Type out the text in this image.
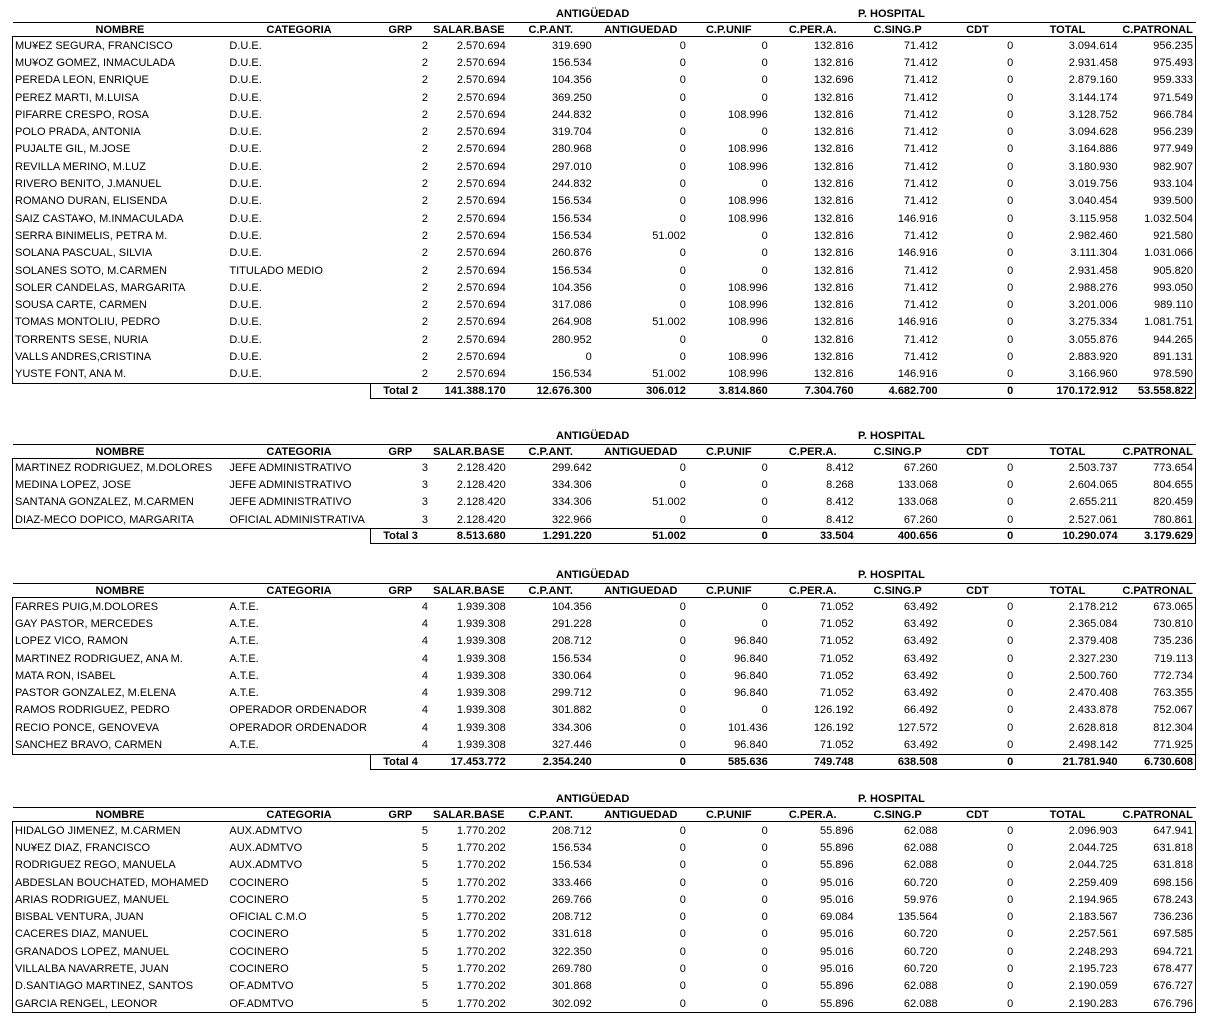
ANTIGÜEDAD	P. HOSPITAL
NOMBRE	CATEGORIA	GRP	SALAR.BASE	C.P.ANT.	ANTIGUEDAD	C.P.UNIF	C.PER.A.	C.SING.P	CDT	TOTAL	C.PATRONAL
MU¥EZ SEGURA, FRANCISCO	D.U.E.	2	2.570.694	319.690	0	0	132.816	71.412	0	3.094.614	956.235
MU¥OZ GOMEZ, INMACULADA	D.U.E.	2	2.570.694	156.534	0	0	132.816	71.412	0	2.931.458	975.493
PEREDA LEON, ENRIQUE	D.U.E.	2	2.570.694	104.356	0	0	132.696	71.412	0	2.879.160	959.333
PEREZ MARTI, M.LUISA	D.U.E.	2	2.570.694	369.250	0	0	132.816	71.412	0	3.144.174	971.549
PIFARRE CRESPO, ROSA	D.U.E.	2	2.570.694	244.832	0	108.996	132.816	71.412	0	3.128.752	966.784
POLO PRADA, ANTONIA	D.U.E.	2	2.570.694	319.704	0	0	132.816	71.412	0	3.094.628	956.239
PUJALTE GIL, M.JOSE	D.U.E.	2	2.570.694	280.968	0	108.996	132.816	71.412	0	3.164.886	977.949
REVILLA MERINO, M.LUZ	D.U.E.	2	2.570.694	297.010	0	108.996	132.816	71.412	0	3.180.930	982.907
RIVERO BENITO, J.MANUEL	D.U.E.	2	2.570.694	244.832	0	0	132.816	71.412	0	3.019.756	933.104
ROMANO DURAN, ELISENDA	D.U.E.	2	2.570.694	156.534	0	108.996	132.816	71.412	0	3.040.454	939.500
SAIZ CASTA¥O, M.INMACULADA	D.U.E.	2	2.570.694	156.534	0	108.996	132.816	146.916	0	3.115.958	1.032.504
SERRA BINIMELIS, PETRA M.	D.U.E.	2	2.570.694	156.534	51.002	0	132.816	71.412	0	2.982.460	921.580
SOLANA PASCUAL, SILVIA	D.U.E.	2	2.570.694	260.876	0	0	132.816	146.916	0	3.111.304	1.031.066
SOLANES SOTO, M.CARMEN	TITULADO MEDIO	2	2.570.694	156.534	0	0	132.816	71.412	0	2.931.458	905.820
SOLER CANDELAS, MARGARITA	D.U.E.	2	2.570.694	104.356	0	108.996	132.816	71.412	0	2.988.276	993.050
SOUSA CARTE, CARMEN	D.U.E.	2	2.570.694	317.086	0	108.996	132.816	71.412	0	3.201.006	989.110
TOMAS MONTOLIU, PEDRO	D.U.E.	2	2.570.694	264.908	51.002	108.996	132.816	146.916	0	3.275.334	1.081.751
TORRENTS SESE, NURIA	D.U.E.	2	2.570.694	280.952	0	0	132.816	71.412	0	3.055.876	944.265
VALLS ANDRES,CRISTINA	D.U.E.	2	2.570.694	0	0	108.996	132.816	71.412	0	2.883.920	891.131
YUSTE FONT, ANA M.	D.U.E.	2	2.570.694	156.534	51.002	108.996	132.816	146.916	0	3.166.960	978.590
		Total 2	141.388.170	12.676.300	306.012	3.814.860	7.304.760	4.682.700	0	170.172.912	53.558.822
ANTIGÜEDAD	P. HOSPITAL
NOMBRE	CATEGORIA	GRP	SALAR.BASE	C.P.ANT.	ANTIGUEDAD	C.P.UNIF	C.PER.A.	C.SING.P	CDT	TOTAL	C.PATRONAL
MARTINEZ RODRIGUEZ, M.DOLORES	JEFE ADMINISTRATIVO	3	2.128.420	299.642	0	0	8.412	67.260	0	2.503.737	773.654
MEDINA LOPEZ, JOSE	JEFE ADMINISTRATIVO	3	2.128.420	334.306	0	0	8.268	133.068	0	2.604.065	804.655
SANTANA GONZALEZ, M.CARMEN	JEFE ADMINISTRATIVO	3	2.128.420	334.306	51.002	0	8.412	133.068	0	2.655.211	820.459
DIAZ-MECO DOPICO, MARGARITA	OFICIAL ADMINISTRATIVA	3	2.128.420	322.966	0	0	8.412	67.260	0	2.527.061	780.861
		Total 3	8.513.680	1.291.220	51.002	0	33.504	400.656	0	10.290.074	3.179.629
ANTIGÜEDAD	P. HOSPITAL
NOMBRE	CATEGORIA	GRP	SALAR.BASE	C.P.ANT.	ANTIGUEDAD	C.P.UNIF	C.PER.A.	C.SING.P	CDT	TOTAL	C.PATRONAL
FARRES PUIG,M.DOLORES	A.T.E.	4	1.939.308	104.356	0	0	71.052	63.492	0	2.178.212	673.065
GAY PASTOR, MERCEDES	A.T.E.	4	1.939.308	291.228	0	0	71.052	63.492	0	2.365.084	730.810
LOPEZ VICO, RAMON	A.T.E.	4	1.939.308	208.712	0	96.840	71.052	63.492	0	2.379.408	735.236
MARTINEZ RODRIGUEZ, ANA M.	A.T.E.	4	1.939.308	156.534	0	96.840	71.052	63.492	0	2.327.230	719.113
MATA RON, ISABEL	A.T.E.	4	1.939.308	330.064	0	96.840	71.052	63.492	0	2.500.760	772.734
PASTOR GONZALEZ, M.ELENA	A.T.E.	4	1.939.308	299.712	0	96.840	71.052	63.492	0	2.470.408	763.355
RAMOS RODRIGUEZ, PEDRO	OPERADOR ORDENADOR	4	1.939.308	301.882	0	0	126.192	66.492	0	2.433.878	752.067
RECIO PONCE, GENOVEVA	OPERADOR ORDENADOR	4	1.939.308	334.306	0	101.436	126.192	127.572	0	2.628.818	812.304
SANCHEZ BRAVO, CARMEN	A.T.E.	4	1.939.308	327.446	0	96.840	71.052	63.492	0	2.498.142	771.925
		Total 4	17.453.772	2.354.240	0	585.636	749.748	638.508	0	21.781.940	6.730.608
ANTIGÜEDAD	P. HOSPITAL
NOMBRE	CATEGORIA	GRP	SALAR.BASE	C.P.ANT.	ANTIGUEDAD	C.P.UNIF	C.PER.A.	C.SING.P	CDT	TOTAL	C.PATRONAL
HIDALGO JIMENEZ, M.CARMEN	AUX.ADMTVO	5	1.770.202	208.712	0	0	55.896	62.088	0	2.096.903	647.941
NU¥EZ DIAZ, FRANCISCO	AUX.ADMTVO	5	1.770.202	156.534	0	0	55.896	62.088	0	2.044.725	631.818
RODRIGUEZ REGO, MANUELA	AUX.ADMTVO	5	1.770.202	156.534	0	0	55.896	62.088	0	2.044.725	631.818
ABDESLAN BOUCHATED, MOHAMED	COCINERO	5	1.770.202	333.466	0	0	95.016	60.720	0	2.259.409	698.156
ARIAS RODRIGUEZ, MANUEL	COCINERO	5	1.770.202	269.766	0	0	95.016	59.976	0	2.194.965	678.243
BISBAL VENTURA, JUAN	OFICIAL C.M.O	5	1.770.202	208.712	0	0	69.084	135.564	0	2.183.567	736.236
CACERES DIAZ, MANUEL	COCINERO	5	1.770.202	331.618	0	0	95.016	60.720	0	2.257.561	697.585
GRANADOS LOPEZ, MANUEL	COCINERO	5	1.770.202	322.350	0	0	95.016	60.720	0	2.248.293	694.721
VILLALBA NAVARRETE, JUAN	COCINERO	5	1.770.202	269.780	0	0	95.016	60.720	0	2.195.723	678.477
D.SANTIAGO MARTINEZ, SANTOS	OF.ADMTVO	5	1.770.202	301.868	0	0	55.896	62.088	0	2.190.059	676.727
GARCIA RENGEL, LEONOR	OF.ADMTVO	5	1.770.202	302.092	0	0	55.896	62.088	0	2.190.283	676.796
